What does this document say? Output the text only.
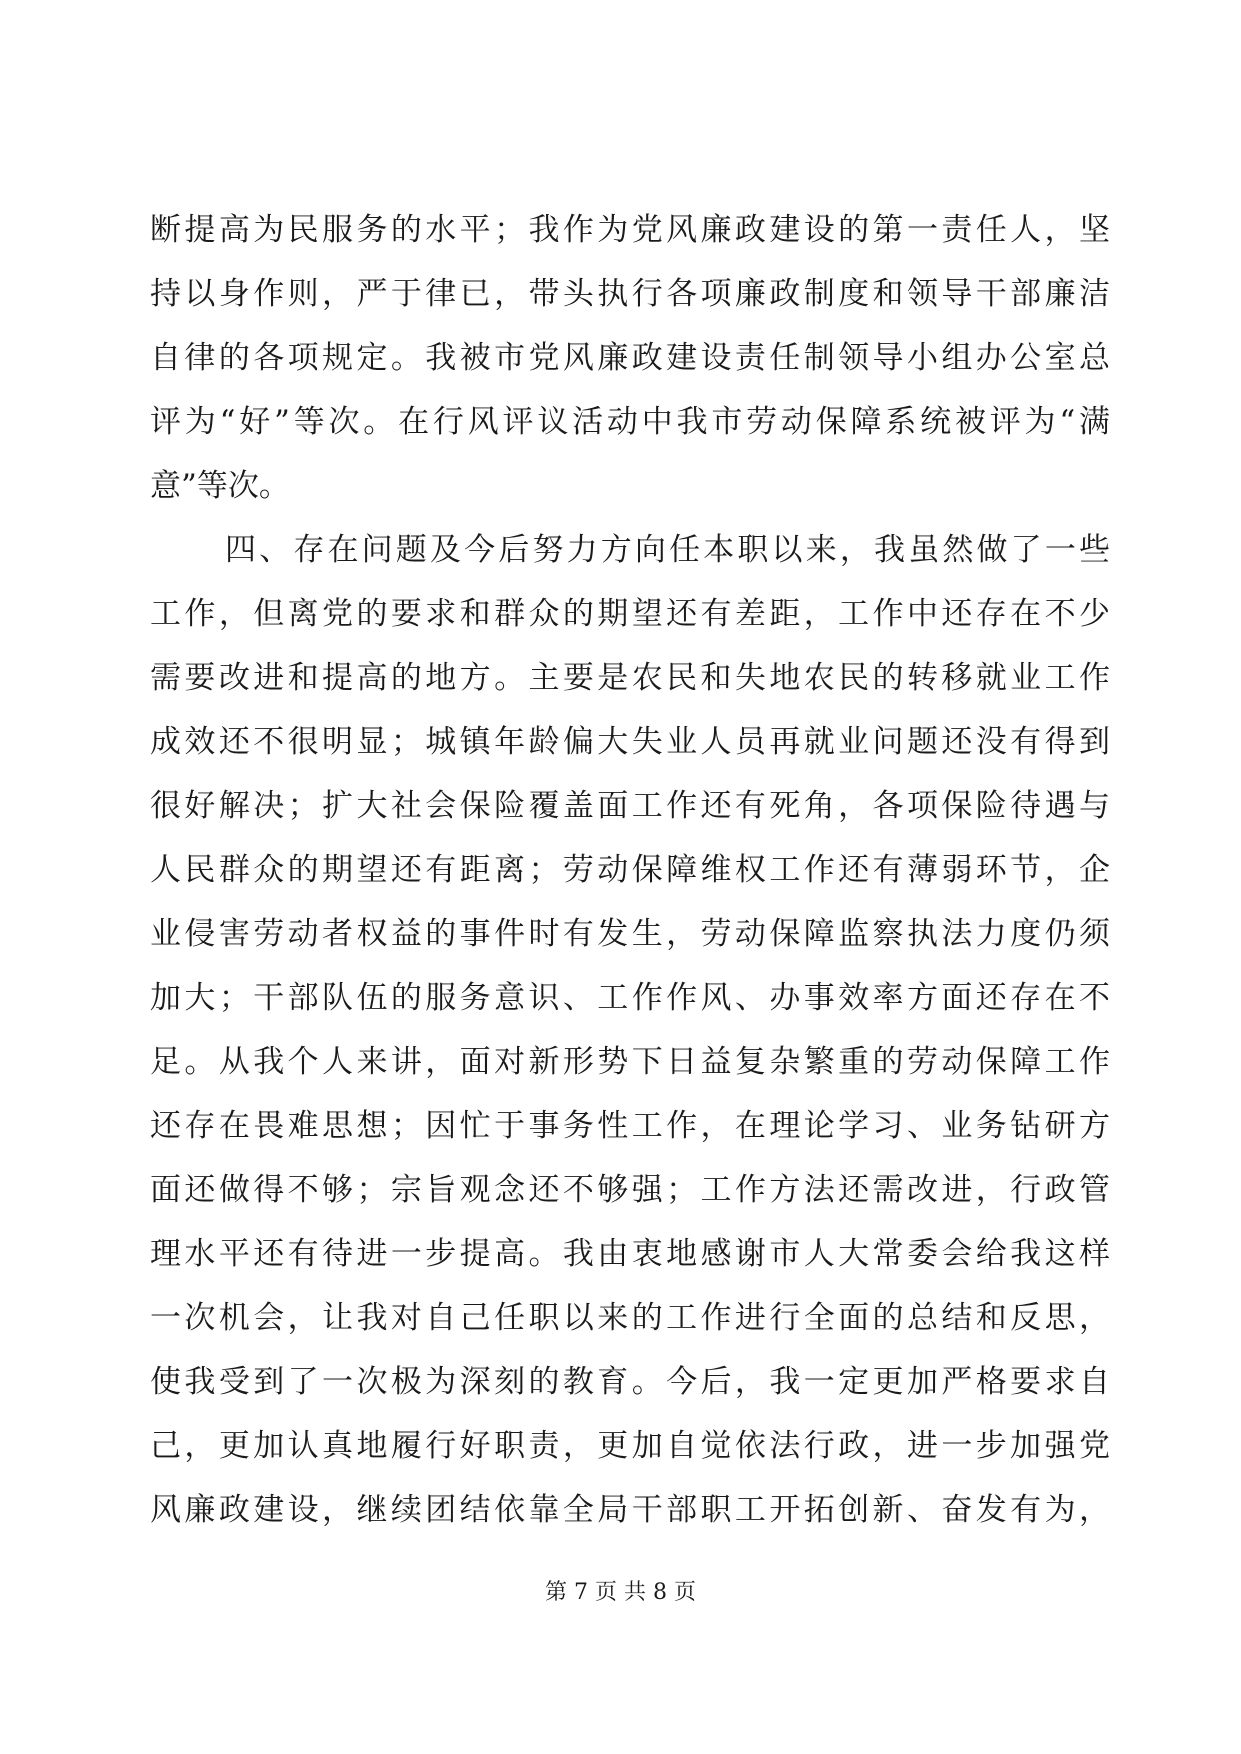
断提高为民服务的水平；我作为党风廉政建设的第一责任人，坚
持以身作则，严于律已，带头执行各项廉政制度和领导干部廉洁
自律的各项规定。我被市党风廉政建设责任制领导小组办公室总
评为“好”等次。在行风评议活动中我市劳动保障系统被评为“满
意”等次。
四、存在问题及今后努力方向任本职以来，我虽然做了一些
工作，但离党的要求和群众的期望还有差距，工作中还存在不少
需要改进和提高的地方。主要是农民和失地农民的转移就业工作
成效还不很明显；城镇年龄偏大失业人员再就业问题还没有得到
很好解决；扩大社会保险覆盖面工作还有死角，各项保险待遇与
人民群众的期望还有距离；劳动保障维权工作还有薄弱环节，企
业侵害劳动者权益的事件时有发生，劳动保障监察执法力度仍须
加大；干部队伍的服务意识、工作作风、办事效率方面还存在不
足。从我个人来讲，面对新形势下日益复杂繁重的劳动保障工作
还存在畏难思想；因忙于事务性工作，在理论学习、业务钻研方
面还做得不够；宗旨观念还不够强；工作方法还需改进，行政管
理水平还有待进一步提高。我由衷地感谢市人大常委会给我这样
一次机会，让我对自己任职以来的工作进行全面的总结和反思，
使我受到了一次极为深刻的教育。今后，我一定更加严格要求自
己，更加认真地履行好职责，更加自觉依法行政，进一步加强党
风廉政建设，继续团结依靠全局干部职工开拓创新、奋发有为，
第 7 页 共 8 页
